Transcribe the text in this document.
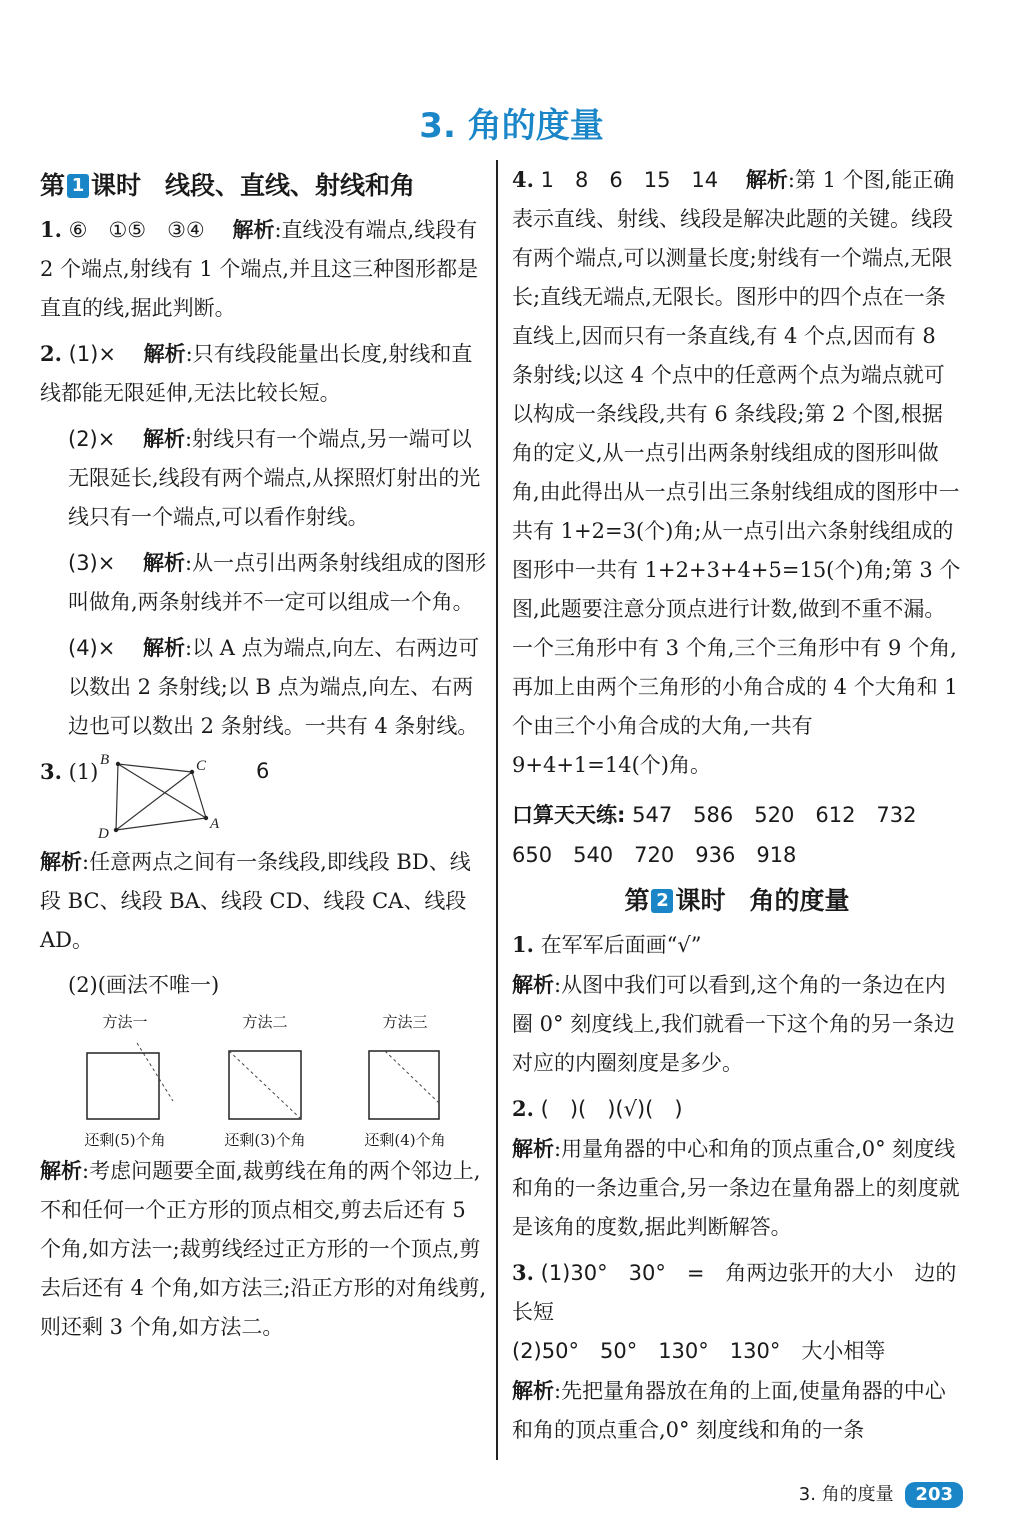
3. 角的度量
第 1 课时 线段、直线、射线和角

1. ⑥　①⑤　③④　 解析:直线没有端点,线段有 2 个端点,射线有 1 个端点,并且这三种图形都是直直的线,据此判断。

2. (1)×　 解析:只有线段能量出长度,射线和直线都能无限延伸,无法比较长短。

(2)×　 解析:射线只有一个端点,另一端可以无限延长,线段有两个端点,从探照灯射出的光线只有一个端点,可以看作射线。

(3)×　 解析:从一点引出两条射线组成的图形叫做角,两条射线并不一定可以组成一个角。

(4)×　 解析:以 A 点为端点,向左、右两边可以数出 2 条射线;以 B 点为端点,向左、右两边也可以数出 2 条射线。一共有 4 条射线。

3. (1) B	C
D
A
6

解析:任意两点之间有一条线段,即线段 BD、线段 BC、线段 BA、线段 CD、线段 CA、线段 AD。

(2)(画法不唯一)

方法一
还剩(5)个角
方法二
还剩(3)个角
方法三
还剩(4)个角

解析:考虑问题要全面,裁剪线在角的两个邻边上,不和任何一个正方形的顶点相交,剪去后还有 5 个角,如方法一;裁剪线经过正方形的一个顶点,剪去后还有 4 个角,如方法三;沿正方形的对角线剪,则还剩 3 个角,如方法二。

4. 1　8　6　15　14　 解析:第 1 个图,能正确表示直线、射线、线段是解决此题的关键。线段有两个端点,可以测量长度;射线有一个端点,无限长;直线无端点,无限长。图形中的四个点在一条直线上,因而只有一条直线,有 4 个点,因而有 8 条射线;以这 4 个点中的任意两个点为端点就可以构成一条线段,共有 6 条线段;第 2 个图,根据角的定义,从一点引出两条射线组成的图形叫做角,由此得出从一点引出三条射线组成的图形中一共有 1+2=3(个)角;从一点引出六条射线组成的图形中一共有 1+2+3+4+5=15(个)角;第 3 个图,此题要注意分顶点进行计数,做到不重不漏。一个三角形中有 3 个角,三个三角形中有 9 个角,再加上由两个三角形的小角合成的 4 个大角和 1 个由三个小角合成的大角,一共有 9+4+1=14(个)角。

口算天天练: 547　586　520　612　732
650　540　720　936　918
第 2 课时 角的度量

1. 在军军后面画“√”
解析:从图中我们可以看到,这个角的一条边在内圈 0° 刻度线上,我们就看一下这个角的另一条边对应的内圈刻度是多少。

2. (　)(　)(√)(　)
解析:用量角器的中心和角的顶点重合,0° 刻度线和角的一条边重合,另一条边在量角器上的刻度就是该角的度数,据此判断解答。

3. (1)30°　30°　=　角两边张开的大小　边的长短
(2)50°　50°　130°　130°　大小相等
解析:先把量角器放在角的上面,使量角器的中心和角的顶点重合,0° 刻度线和角的一条

3. 角的度量 203
